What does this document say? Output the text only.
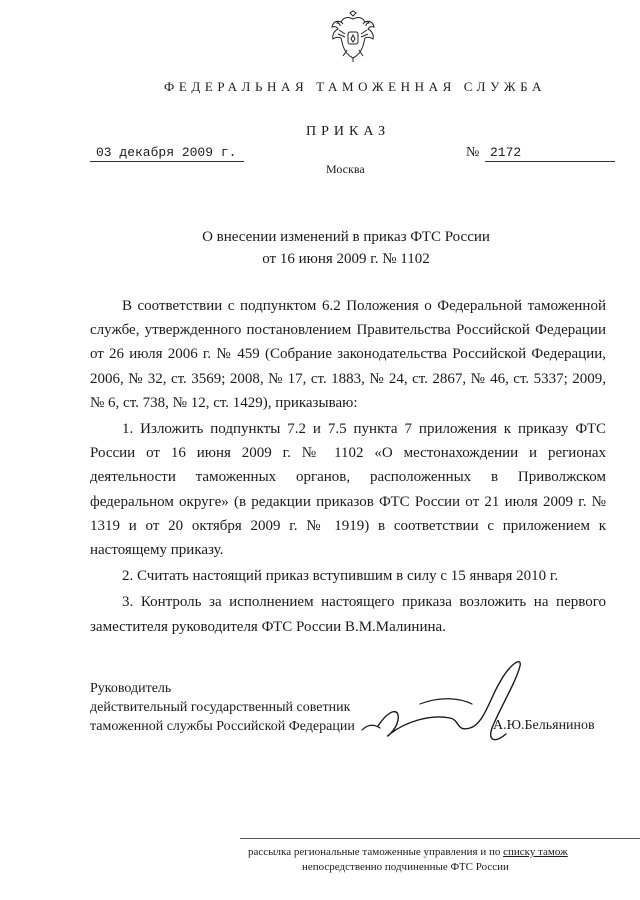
ФЕДЕРАЛЬНАЯ ТАМОЖЕННАЯ СЛУЖБА
ПРИКАЗ
03 декабря 2009 г.	№ 2172
Москва
О внесении изменений в приказ ФТС России
от 16 июня 2009 г. № 1102

В соответствии с подпунктом 6.2 Положения о Федеральной таможенной службе, утвержденного постановлением Правительства Российской Федерации от 26 июля 2006 г. № 459 (Собрание законодательства Российской Федерации, 2006, № 32, ст. 3569; 2008, № 17, ст. 1883, № 24, ст. 2867, № 46, ст. 5337; 2009, № 6, ст. 738, № 12, ст. 1429), приказываю:

1. Изложить подпункты 7.2 и 7.5 пункта 7 приложения к приказу ФТС России от 16 июня 2009 г. № 1102 «О местонахождении и регионах деятельности таможенных органов, расположенных в Приволжском федеральном округе» (в редакции приказов ФТС России от 21 июля 2009 г. № 1319 и от 20 октября 2009 г. № 1919) в соответствии с приложением к настоящему приказу.

2. Считать настоящий приказ вступившим в силу с 15 января 2010 г.

3. Контроль за исполнением настоящего приказа возложить на первого заместителя руководителя ФТС России В.М.Малинина.

Руководитель
действительный государственный советник
таможенной службы Российской Федерации	А.Ю.Бельянинов
рассылка региональные таможенные управления и по списку тамож
непосредственно подчиненные ФТС России
